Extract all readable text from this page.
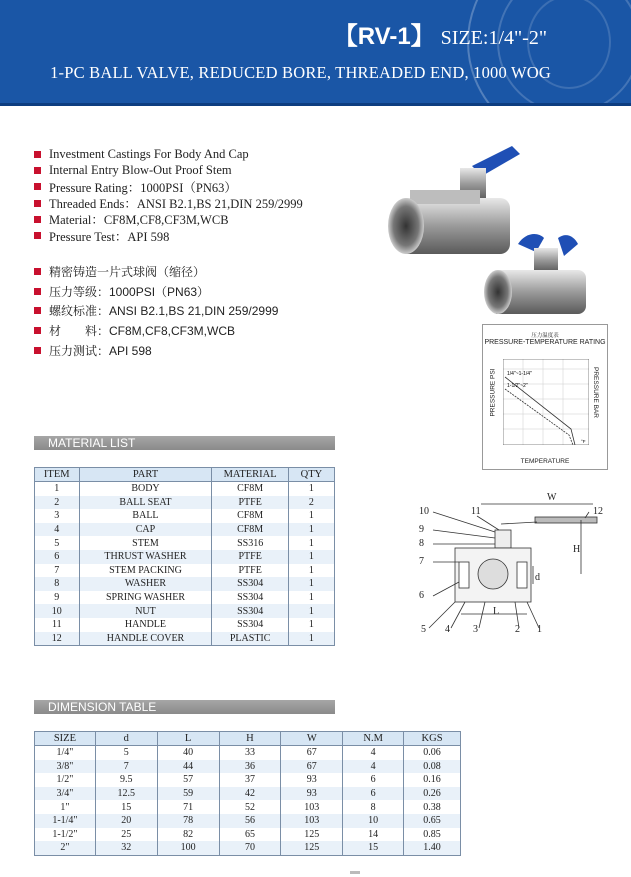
【RV-1】 SIZE:1/4"-2"
1-PC BALL VALVE, REDUCED BORE, THREADED END, 1000 WOG
Investment Castings For Body And Cap
Internal Entry Blow-Out Proof Stem
Pressure Rating：1000PSI（PN63）
Threaded Ends：ANSI B2.1,BS 21,DIN 259/2999
Material：CF8M,CF8,CF3M,WCB
Pressure Test：API 598
精密铸造一片式球阀（缩径）
压力等级：1000PSI（PN63）
螺纹标准：ANSI B2.1,BS 21,DIN 259/2999
材　　料：CF8M,CF8,CF3M,WCB
压力测试：API 598
压力温度表
PRESSURE-TEMPERATURE RATING
1/4"~1-1/4"
1-1/2"~2"
°F
PRESSURE PSI	PRESSURE BAR
TEMPERATURE
MATERIAL LIST
ITEM	PART	MATERIAL	QTY
1	BODY	CF8M	1
2	BALL SEAT	PTFE	2
3	BALL	CF8M	1
4	CAP	CF8M	1
5	STEM	SS316	1
6	THRUST WASHER	PTFE	1
7	STEM PACKING	PTFE	1
8	WASHER	SS304	1
9	SPRING WASHER	SS304	1
10	NUT	SS304	1
11	HANDLE	SS304	1
12	HANDLE COVER	PLASTIC	1
10
9
8
7
6
5 4 3	2 1
11	12
W
H
L
d
DIMENSION TABLE
SIZE	d	L	H	W	N.M	KGS
1/4"	5	40	33	67	4	0.06
3/8"	7	44	36	67	4	0.08
1/2"	9.5	57	37	93	6	0.16
3/4"	12.5	59	42	93	6	0.26
1"	15	71	52	103	8	0.38
1-1/4"	20	78	56	103	10	0.65
1-1/2"	25	82	65	125	14	0.85
2"	32	100	70	125	15	1.40
